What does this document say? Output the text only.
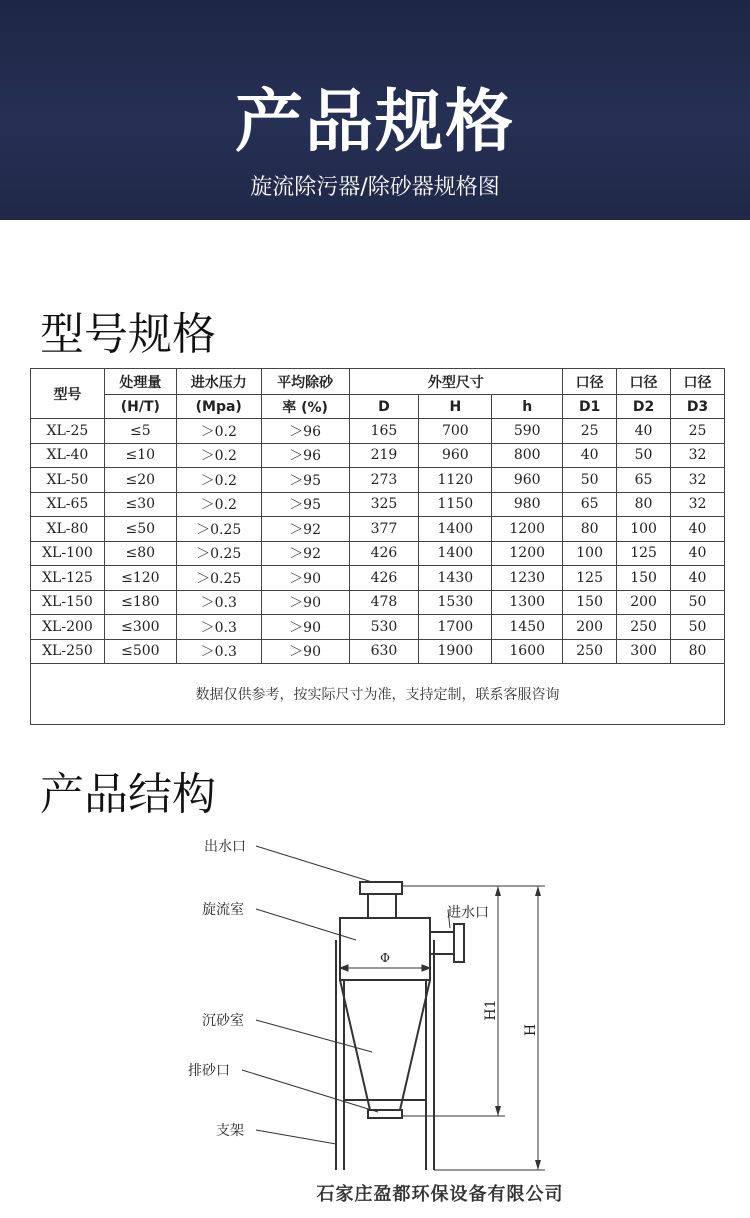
产品规格
旋流除污器/除砂器规格图
型号规格
型号	处理量	进水压力	平均除砂	外型尺寸			口径	口径	口径
	(H/T)	(Mpa)	率 (%)	D	H	h	D1	D2	D3
XL-25	≤5	＞0.2	＞96	165	700	590	25	40	25
XL-40	≤10	＞0.2	＞96	219	960	800	40	50	32
XL-50	≤20	＞0.2	＞95	273	1120	960	50	65	32
XL-65	≤30	＞0.2	＞95	325	1150	980	65	80	32
XL-80	≤50	＞0.25	＞92	377	1400	1200	80	100	40
XL-100	≤80	＞0.25	＞92	426	1400	1200	100	125	40
XL-125	≤120	＞0.25	＞90	426	1430	1230	125	150	40
XL-150	≤180	＞0.3	＞90	478	1530	1300	150	200	50
XL-200	≤300	＞0.3	＞90	530	1700	1450	200	250	50
XL-250	≤500	＞0.3	＞90	630	1900	1600	250	300	80
数据仅供参考，按实际尺寸为准，支持定制，联系客服咨询									
产品结构
Φ
H1
H
出水口
旋流室	进水口
沉砂室
排砂口
支架
石家庄盈都环保设备有限公司
